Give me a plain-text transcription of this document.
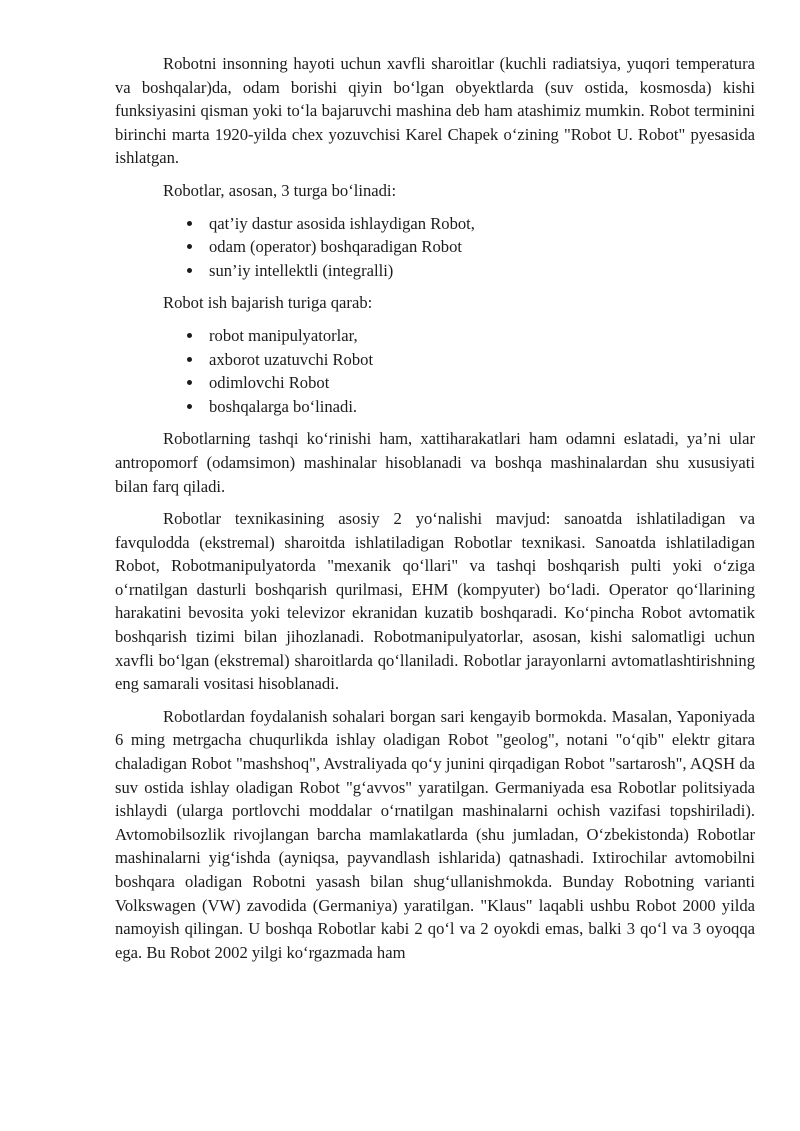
Robotni insonning hayoti uchun xavfli sharoitlar (kuchli radiatsiya, yuqori temperatura va boshqalar)da, odam borishi qiyin bo‘lgan obyektlarda (suv ostida, kosmosda) kishi funksiyasini qisman yoki to‘la bajaruvchi mashina deb ham atashimiz mumkin. Robot terminini birinchi marta 1920-yilda chex yozuvchisi Karel Chapek o‘zining "Robot U. Robot" pyesasida ishlatgan.

Robotlar, asosan, 3 turga bo‘linadi:

qat’iy dastur asosida ishlaydigan Robot,
odam (operator) boshqaradigan Robot
sun’iy intellektli (integralli)

Robot ish bajarish turiga qarab:

robot manipulyatorlar,
axborot uzatuvchi Robot
odimlovchi Robot
boshqalarga bo‘linadi.

Robotlarning tashqi ko‘rinishi ham, xattiharakatlari ham odamni eslatadi, ya’ni ular antropomorf (odamsimon) mashinalar hisoblanadi va boshqa mashinalardan shu xususiyati bilan farq qiladi.

Robotlar texnikasining asosiy 2 yo‘nalishi mavjud: sanoatda ishlatiladigan va favqulodda (ekstremal) sharoitda ishlatiladigan Robotlar texnikasi. Sanoatda ishlatiladigan Robot, Robotmanipulyatorda "mexanik qo‘llari" va tashqi boshqarish pulti yoki o‘ziga o‘rnatilgan dasturli boshqarish qurilmasi, EHM (kompyuter) bo‘ladi. Operator qo‘llarining harakatini bevosita yoki televizor ekranidan kuzatib boshqaradi. Ko‘pincha Robot avtomatik boshqarish tizimi bilan jihozlanadi. Robotmanipulyatorlar, asosan, kishi salomatligi uchun xavfli bo‘lgan (ekstremal) sharoitlarda qo‘llaniladi. Robotlar jarayonlarni avtomatlashtirishning eng samarali vositasi hisoblanadi.

Robotlardan foydalanish sohalari borgan sari kengayib bormokda. Masalan, Yaponiyada 6 ming metrgacha chuqurlikda ishlay oladigan Robot "geolog", notani "o‘qib" elektr gitara chaladigan Robot "mashshoq", Avstraliyada qo‘y junini qirqadigan Robot "sartarosh", AQSH da suv ostida ishlay oladigan Robot "g‘avvos" yaratilgan. Germaniyada esa Robotlar politsiyada ishlaydi (ularga portlovchi moddalar o‘rnatilgan mashinalarni ochish vazifasi topshiriladi). Avtomobilsozlik rivojlangan barcha mamlakatlarda (shu jumladan, O‘zbekistonda) Robotlar mashinalarni yig‘ishda (ayniqsa, payvandlash ishlarida) qatnashadi. Ixtirochilar avtomobilni boshqara oladigan Robotni yasash bilan shug‘ullanishmokda. Bunday Robotning varianti Volkswagen (VW) zavodida (Germaniya) yaratilgan. "Klaus" laqabli ushbu Robot 2000 yilda namoyish qilingan. U boshqa Robotlar kabi 2 qo‘l va 2 oyokdi emas, balki 3 qo‘l va 3 oyoqqa ega. Bu Robot 2002 yilgi ko‘rgazmada ham
